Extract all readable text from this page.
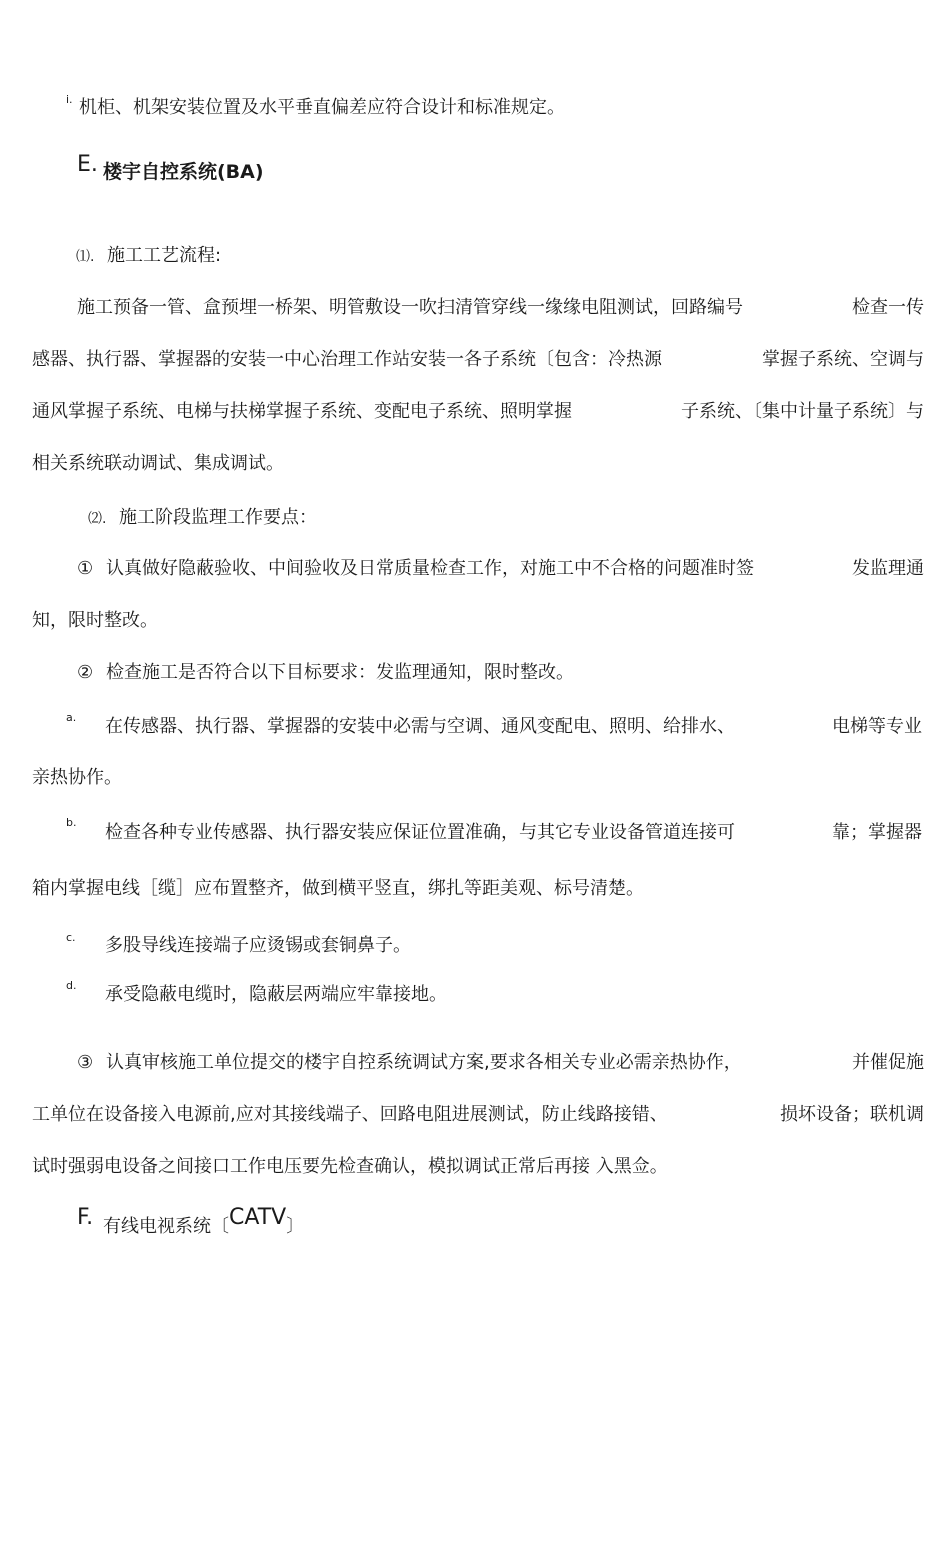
i. 机柜、机架安装位置及水平垂直偏差应符合设计和标准规定。
E. 楼宇自控系统(BA)
⑴. 施工工艺流程:
施工预备一管、盒预埋一桥架、明管敷设一吹扫清管穿线一缘缘电阻测试，回路编号	检查一传
感器、执行器、掌握器的安装一中心治理工作站安装一各子系统〔包含：冷热源	掌握子系统、空调与
通风掌握子系统、电梯与扶梯掌握子系统、变配电子系统、照明掌握	子系统、〔集中计量子系统〕与
相关系统联动调试、集成调试。
⑵. 施工阶段监理工作要点：
① 认真做好隐蔽验收、中间验收及日常质量检查工作，对施工中不合格的问题准时签	发监理通
知，限时整改。
② 检查施工是否符合以下目标要求：发监理通知，限时整改。
a. 在传感器、执行器、掌握器的安装中必需与空调、通风变配电、照明、给排水、	电梯等专业
亲热协作。
b. 检查各种专业传感器、执行器安装应保证位置准确，与其它专业设备管道连接可	靠；掌握器
箱内掌握电线［缆］应布置整齐，做到横平竖直，绑扎等距美观、标号清楚。
c. 多股导线连接端子应烫锡或套铜鼻子。
d. 承受隐蔽电缆时，隐蔽层两端应牢靠接地。
③ 认真审核施工单位提交的楼宇自控系统调试方案,要求各相关专业必需亲热协作，	并催促施
工单位在设备接入电源前,应对其接线端子、回路电阻进展测试，防止线路接错、	损坏设备；联机调
试时强弱电设备之间接口工作电压要先检查确认，模拟调试正常后再接 入黑佥。
F. 有线电视系统〔CATV〕
